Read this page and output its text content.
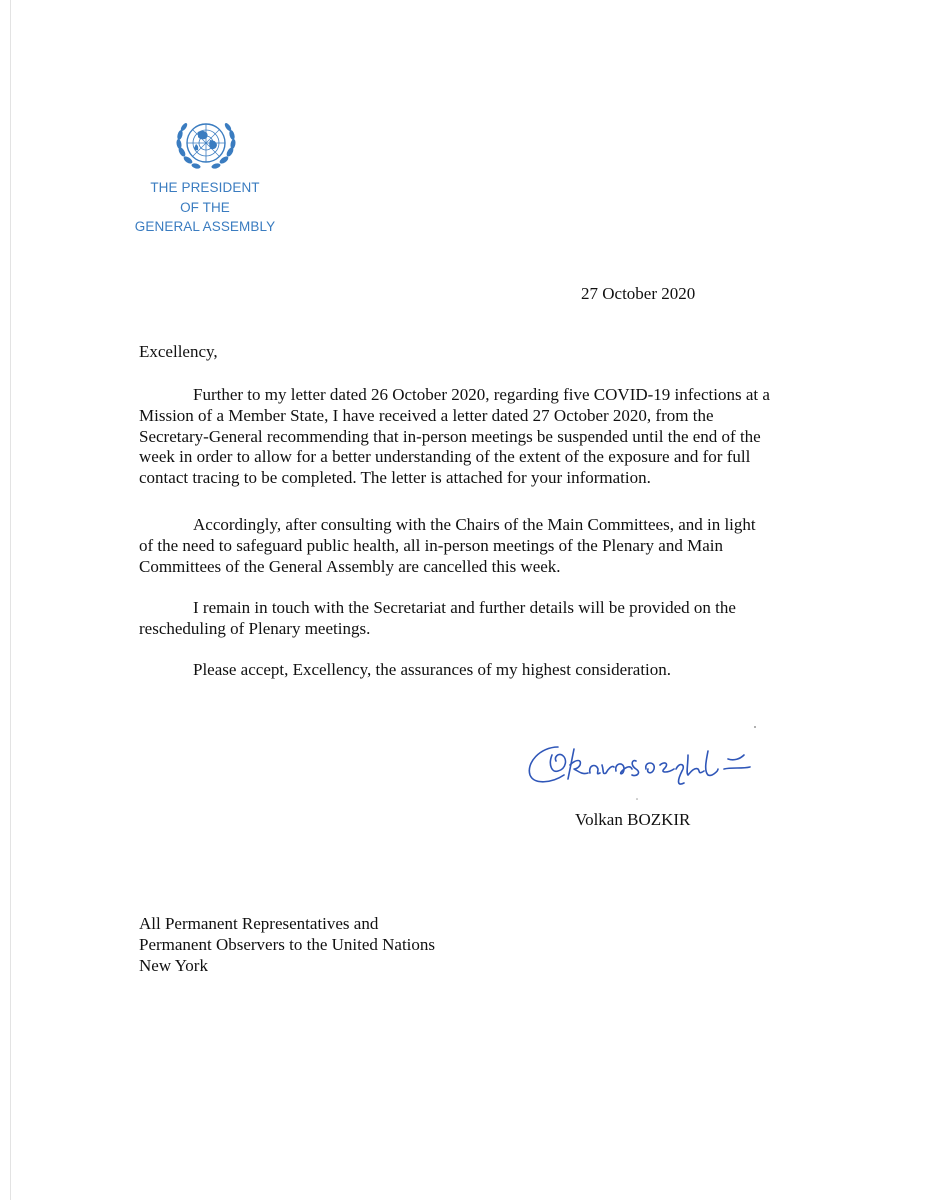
THE PRESIDENT
OF THE
GENERAL ASSEMBLY
27 October 2020
Excellency,

Further to my letter dated 26 October 2020, regarding five COVID-19 infections at a
Mission of a Member State, I have received a letter dated 27 October 2020, from the
Secretary-General recommending that in-person meetings be suspended until the end of the
week in order to allow for a better understanding of the extent of the exposure and for full
contact tracing to be completed. The letter is attached for your information.

Accordingly, after consulting with the Chairs of the Main Committees, and in light
of the need to safeguard public health, all in-person meetings of the Plenary and Main
Committees of the General Assembly are cancelled this week.

I remain in touch with the Secretariat and further details will be provided on the
rescheduling of Plenary meetings.

Please accept, Excellency, the assurances of my highest consideration.

Volkan BOZKIR
All Permanent Representatives and
Permanent Observers to the United Nations
New York
